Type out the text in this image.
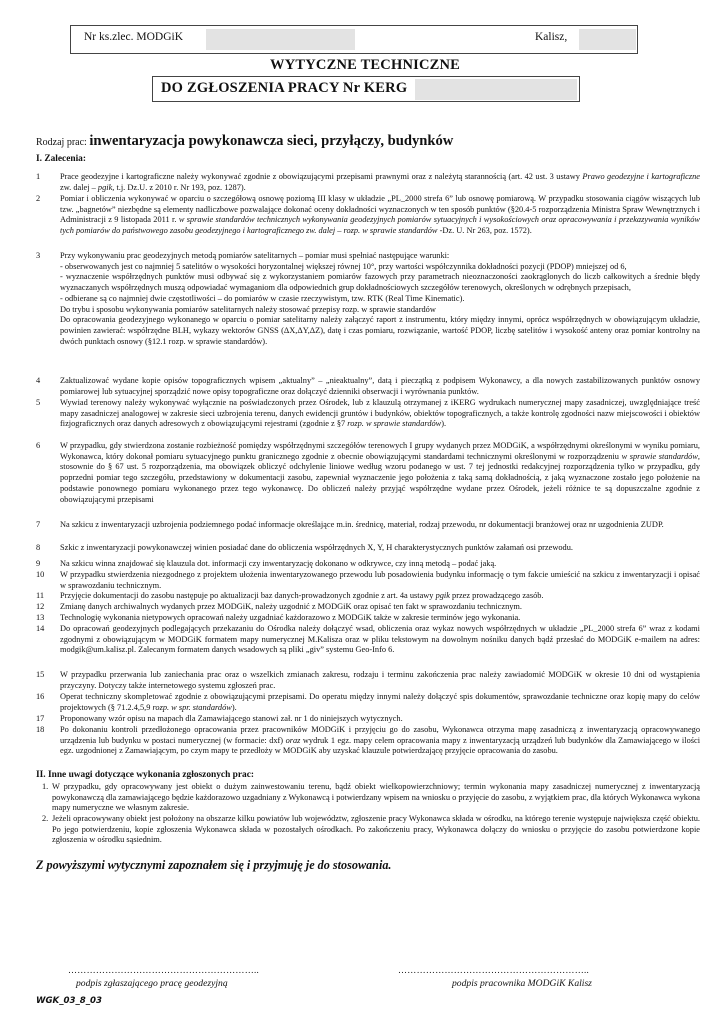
Nr ks.zlec. MODGiK	Kalisz,
WYTYCZNE TECHNICZNE
DO ZGŁOSZENIA PRACY Nr KERG
Rodzaj prac: inwentaryzacja powykonawcza sieci, przyłączy, budynków
I. Zalecenia:
1	Prace geodezyjne i kartograficzne należy wykonywać zgodnie z obowiązującymi przepisami prawnymi oraz z należytą starannością (art. 42 ust. 3 ustawy Prawo geodezyjne i kartograficzne zw. dalej – pgik, t.j. Dz.U. z 2010 r. Nr 193, poz. 1287).
2	Pomiar i obliczenia wykonywać w oparciu o szczegółową osnowę poziomą III klasy w układzie „PL_2000 strefa 6” lub osnowę pomiarową. W przypadku stosowania ciągów wiszących lub tzw. „bagnetów” niezbędne są elementy nadliczbowe pozwalające dokonać oceny dokładności wyznaczonych w ten sposób punktów (§20.4-5 rozporządzenia Ministra Spraw Wewnętrznych i Administracji z 9 listopada 2011 r. w sprawie standardów technicznych wykonywania geodezyjnych pomiarów sytuacyjnych i wysokościowych oraz opracowywania i przekazywania wyników tych pomiarów do państwowego zasobu geodezyjnego i kartograficznego zw. dalej – rozp. w sprawie standardów -Dz. U. Nr 263, poz. 1572).
3	Przy wykonywaniu prac geodezyjnych metodą pomiarów satelitarnych – pomiar musi spełniać następujące warunki:
- obserwowanych jest co najmniej 5 satelitów o wysokości horyzontalnej większej równej 10°, przy wartości współczynnika dokładności pozycji (PDOP) mniejszej od 6,
- wyznaczenie współrzędnych punktów musi odbywać się z wykorzystaniem pomiarów fazowych przy parametrach nieoznaczoności zaokrąglonych do liczb całkowitych a średnie błędy wyznaczanych współrzędnych muszą odpowiadać wymaganiom dla odpowiednich grup dokładnościowych szczegółów terenowych, określonych w odrębnych przepisach,
- odbierane są co najmniej dwie częstotliwości – do pomiarów w czasie rzeczywistym, tzw. RTK (Real Time Kinematic).
Do trybu i sposobu wykonywania pomiarów satelitarnych należy stosować przepisy rozp. w sprawie standardów
Do opracowania geodezyjnego wykonanego w oparciu o pomiar satelitarny należy załączyć raport z instrumentu, który między innymi, oprócz współrzędnych w obowiązującym układzie, powinien zawierać: współrzędne BLH, wykazy wektorów GNSS (ΔX,ΔY,ΔZ), datę i czas pomiaru, rozwiązanie, wartość PDOP, liczbę satelitów i wysokość anteny oraz pomiar kontrolny na dwóch punktach osnowy (§12.1 rozp. w sprawie standardów).
4	Zaktualizować wydane kopie opisów topograficznych wpisem „aktualny” – „nieaktualny”, datą i pieczątką z podpisem Wykonawcy, a dla nowych zastabilizowanych punktów osnowy pomiarowej lub sytuacyjnej sporządzić nowe opisy topograficzne oraz dołączyć dzienniki obserwacji i wyrównania punktów.
5	Wywiad terenowy należy wykonywać wyłącznie na poświadczonych przez Ośrodek, lub z klauzulą otrzymanej z iKERG wydrukach numerycznej mapy zasadniczej, uwzględniające treść mapy zasadniczej analogowej w zakresie sieci uzbrojenia terenu, danych ewidencji gruntów i budynków, obiektów topograficznych, a także kontrolę zgodności nazw miejscowości i obiektów fizjograficznych oraz danych adresowych z obowiązującymi rejestrami (zgodnie z §7 rozp. w sprawie standardów).
6	W przypadku, gdy stwierdzona zostanie rozbieżność pomiędzy współrzędnymi szczegółów terenowych I grupy wydanych przez MODGiK, a współrzędnymi określonymi w wyniku pomiaru, Wykonawca, który dokonał pomiaru sytuacyjnego punktu granicznego zgodnie z obecnie obowiązującymi standardami technicznymi określonymi w rozporządzeniu w sprawie standardów, stosownie do § 67 ust. 5 rozporządzenia, ma obowiązek obliczyć odchylenie liniowe według wzoru podanego w ust. 7 tej jednostki redakcyjnej rozporządzenia tylko w przypadku, gdy poprzedni pomiar tego szczegółu, przedstawiony w dokumentacji zasobu, zapewniał wyznaczenie jego położenia z taką samą dokładnością, z jaką wyznaczone zostało jego położenie na podstawie ponownego pomiaru wykonanego przez tego wykonawcę. Do obliczeń należy przyjąć współrzędne wydane przez Ośrodek, jeżeli różnice te są dopuszczalne zgodnie z obowiązującymi przepisami
7	Na szkicu z inwentaryzacji uzbrojenia podziemnego podać informacje określające m.in. średnicę, materiał, rodzaj przewodu, nr dokumentacji branżowej oraz nr uzgodnienia ZUDP.
8	Szkic z inwentaryzacji powykonawczej winien posiadać dane do obliczenia współrzędnych X, Y, H charakterystycznych punktów załamań osi przewodu.
9	Na szkicu winna znajdować się klauzula dot. informacji czy inwentaryzację dokonano w odkrywce, czy inną metodą – podać jaką.
10	W przypadku stwierdzenia niezgodnego z projektem ułożenia inwentaryzowanego przewodu lub posadowienia budynku informację o tym fakcie umieścić na szkicu z inwentaryzacji i opisać w sprawozdaniu technicznym.
11	Przyjęcie dokumentacji do zasobu następuje po aktualizacji baz danych-prowadzonych zgodnie z art. 4a ustawy pgik przez prowadzącego zasób.
12	Zmianę danych archiwalnych wydanych przez MODGiK, należy uzgodnić z MODGiK oraz opisać ten fakt w sprawozdaniu technicznym.
13	Technologię wykonania nietypowych opracowań należy uzgadniać każdorazowo z MODGiK także w zakresie terminów jego wykonania.
14	Do opracowań geodezyjnych podlegających przekazaniu do Ośrodka należy dołączyć wsad, obliczenia oraz wykaz nowych współrzędnych w układzie „PL_2000 strefa 6” wraz z kodami zgodnymi z obowiązującym w MODGiK formatem mapy numerycznej M.Kalisza oraz w pliku tekstowym na dowolnym nośniku danych bądź przesłać do MODGiK e-mailem na adres: modgik@um.kalisz.pl. Zalecanym formatem danych wsadowych są pliki „giv” systemu Geo-Info 6.
15	W przypadku przerwania lub zaniechania prac oraz o wszelkich zmianach zakresu, rodzaju i terminu zakończenia prac należy zawiadomić MODGiK w okresie 10 dni od wystąpienia przyczyny. Dotyczy także internetowego systemu zgłoszeń prac.
16	Operat techniczny skompletować zgodnie z obowiązującymi przepisami. Do operatu między innymi należy dołączyć spis dokumentów, sprawozdanie techniczne oraz kopię mapy do celów projektowych (§ 71.2.4,5,9 rozp. w spr. standardów).
17	Proponowany wzór opisu na mapach dla Zamawiającego stanowi zał. nr 1 do niniejszych wytycznych.
18	Po dokonaniu kontroli przedłożonego opracowania przez pracowników MODGiK i przyjęciu go do zasobu, Wykonawca otrzyma mapę zasadniczą z inwentaryzacją opracowywanego urządzenia lub budynku w postaci numerycznej (w formacie: dxf) oraz wydruk 1 egz. mapy celem opracowania mapy z inwentaryzacją urządzeń lub budynków dla Zamawiającego w ilości egz. uzgodnionej z Zamawiającym, po czym mapy te przedłoży w MODGiK aby uzyskać klauzule potwierdzającę przyjęcie opracowania do zasobu.
II. Inne uwagi dotyczące wykonania zgłoszonych prac:
1. W przypadku, gdy opracowywany jest obiekt o dużym zainwestowaniu terenu, bądź obiekt wielkopowierzchniowy; termin wykonania mapy zasadniczej numerycznej z inwentaryzacją powykonawczą dla zamawiającego będzie każdorazowo uzgadniany z Wykonawcą i potwierdzany wpisem na wniosku o przyjęcie do zasobu, z wyjątkiem prac, dla których Wykonawca wykona mapy numeryczne we własnym zakresie.
2. Jeżeli opracowywany obiekt jest położony na obszarze kilku powiatów lub województw, zgłoszenie pracy Wykonawca składa w ośrodku, na którego terenie występuje największa część obiektu. Po jego potwierdzeniu, kopie zgłoszenia Wykonawca składa w pozostałych ośrodkach. Po zakończeniu pracy, Wykonawca dołączy do wniosku o przyjęcie do zasobu potwierdzone kopie zgłoszenia w ośrodku sąsiednim.
Z powyższymi wytycznymi zapoznałem się i przyjmuję je do stosowania.
……………………………………………………..	……………………………………………………..
podpis zgłaszającego pracę geodezyjną	podpis pracownika MODGiK Kalisz
WGK_03_8_03
